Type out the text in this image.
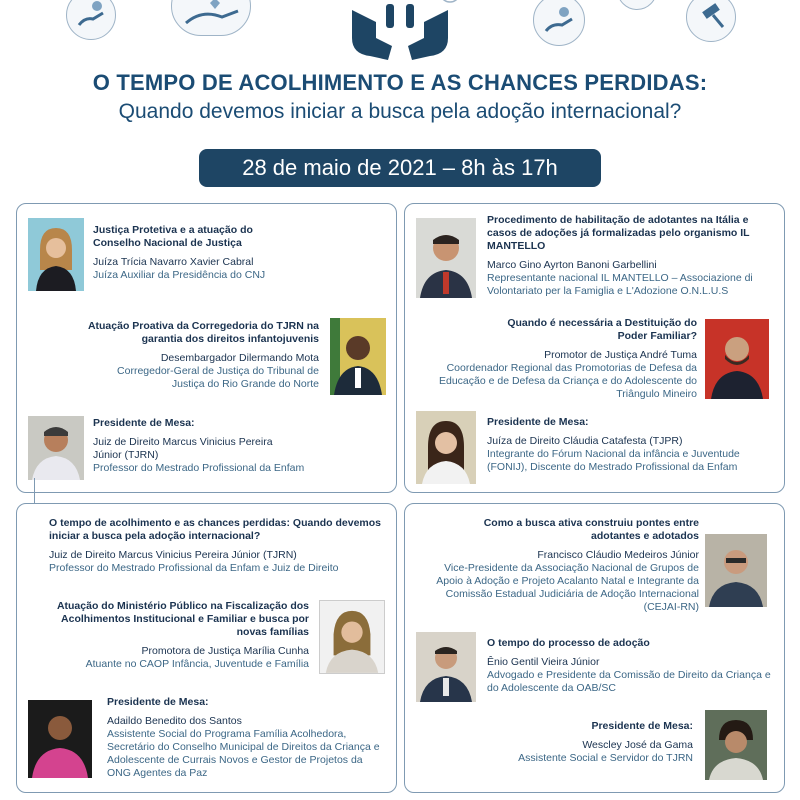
O TEMPO DE ACOLHIMENTO E AS CHANCES PERDIDAS:
Quando devemos iniciar a busca pela adoção internacional?
28 de maio de 2021 – 8h às 17h
Justiça Protetiva e a atuação do Conselho Nacional de Justiça
Juíza Trícia Navarro Xavier Cabral
Juíza Auxiliar da Presidência do CNJ
Atuação Proativa da Corregedoria do TJRN na garantia dos direitos infantojuvenis
Desembargador Dilermando Mota
Corregedor-Geral de Justiça do Tribunal de Justiça do Rio Grande do Norte
Presidente de Mesa:
Juiz de Direito Marcus Vinicius Pereira Júnior (TJRN)
Professor do Mestrado Profissional da Enfam
Procedimento de habilitação de adotantes na Itália e casos de adoções já formalizadas pelo organismo IL MANTELLO
Marco Gino Ayrton Banoni Garbellini
Representante nacional IL MANTELLO – Associazione di Volontariato per la Famiglia e L'Adozione O.N.L.U.S
Quando é necessária a Destituição do Poder Familiar?
Promotor de Justiça André Tuma
Coordenador Regional das Promotorias de Defesa da Educação e de Defesa da Criança e do Adolescente do Triângulo Mineiro
Presidente de Mesa:
Juíza de Direito Cláudia Catafesta (TJPR)
Integrante do Fórum Nacional da infância e Juventude (FONIJ), Discente do Mestrado Profissional da Enfam
O tempo de acolhimento e as chances perdidas: Quando devemos iniciar a busca pela adoção internacional?
Juiz de Direito Marcus Vinicius Pereira Júnior (TJRN)
Professor do Mestrado Profissional da Enfam e Juiz de Direito
Atuação do Ministério Público na Fiscalização dos Acolhimentos Institucional e Familiar e busca por novas famílias
Promotora de Justiça Marília Cunha
Atuante no CAOP Infância, Juventude e Família
Presidente de Mesa:
Adaildo Benedito dos Santos
Assistente Social do Programa Família Acolhedora, Secretário do Conselho Municipal de Direitos da Criança e Adolescente de Currais Novos e Gestor de Projetos da ONG Agentes da Paz
Como a busca ativa construiu pontes entre adotantes e adotados
Francisco Cláudio Medeiros Júnior
Vice-Presidente da Associação Nacional de Grupos de Apoio à Adoção e Projeto Acalanto Natal e Integrante da Comissão Estadual Judiciária de Adoção Internacional (CEJAI-RN)
O tempo do processo de adoção
Ênio Gentil Vieira Júnior
Advogado e Presidente da Comissão de Direito da Criança e do Adolescente da OAB/SC
Presidente de Mesa:
Wescley José da Gama
Assistente Social e Servidor do TJRN
